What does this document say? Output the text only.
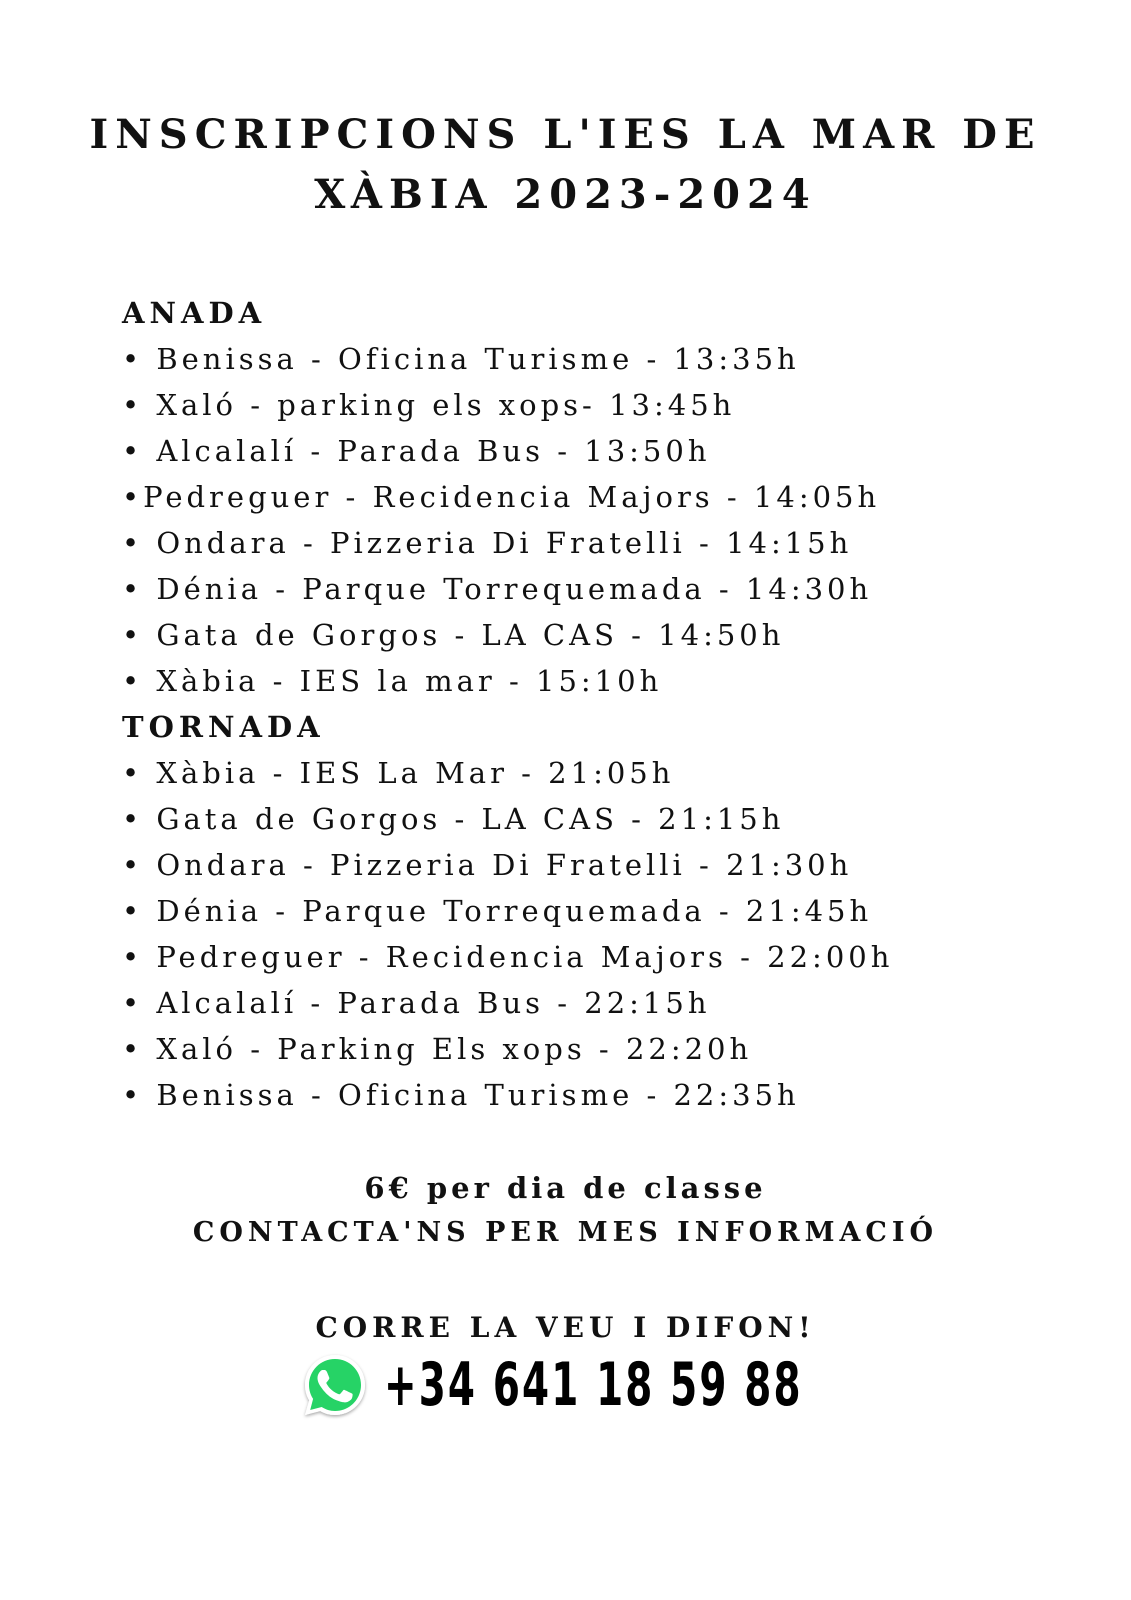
INSCRIPCIONS L'IES LA MAR DE
XÀBIA 2023-2024
ANADA
• Benissa - Oficina Turisme - 13:35h
• Xaló - parking els xops- 13:45h
• Alcalalí - Parada Bus - 13:50h
•Pedreguer - Recidencia Majors - 14:05h
• Ondara - Pizzeria Di Fratelli - 14:15h
• Dénia - Parque Torrequemada - 14:30h
• Gata de Gorgos - LA CAS - 14:50h
• Xàbia - IES la mar - 15:10h
TORNADA
• Xàbia - IES La Mar - 21:05h
• Gata de Gorgos - LA CAS - 21:15h
• Ondara - Pizzeria Di Fratelli - 21:30h
• Dénia - Parque Torrequemada - 21:45h
• Pedreguer - Recidencia Majors - 22:00h
• Alcalalí - Parada Bus - 22:15h
• Xaló - Parking Els xops - 22:20h
• Benissa - Oficina Turisme - 22:35h
6€ per dia de classe
CONTACTA'NS PER MES INFORMACIÓ
CORRE LA VEU I DIFON!
+34 641 18 59 88
